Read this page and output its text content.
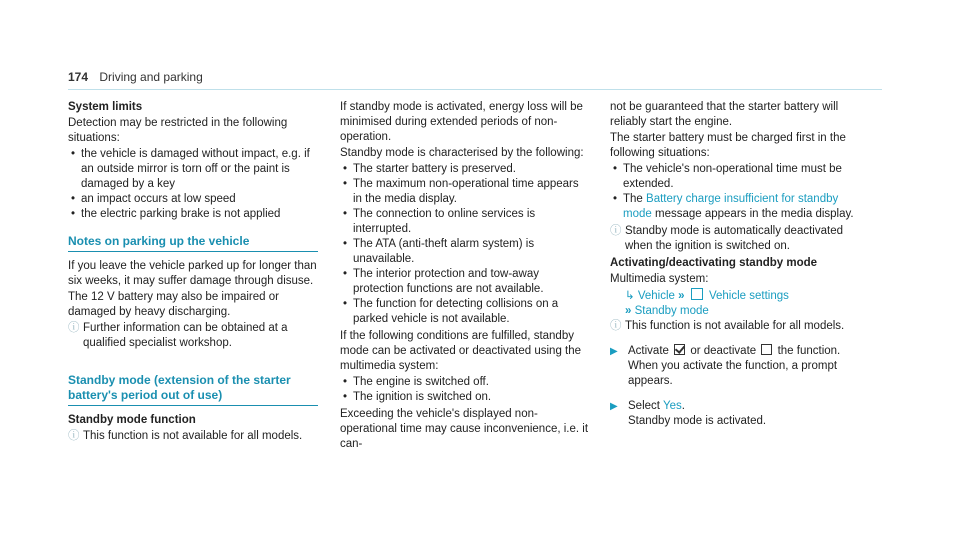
174 Driving and parking

System limits

Detection may be restricted in the following situations:

• the vehicle is damaged without impact, e.g. if an outside mirror is torn off or the paint is damaged by a key
• an impact occurs at low speed
• the electric parking brake is not applied
Notes on parking up the vehicle

If you leave the vehicle parked up for longer than six weeks, it may suffer damage through disuse.

The 12 V battery may also be impaired or damaged by heavy discharging.

ⓘ Further information can be obtained at a qualified specialist workshop.
Standby mode (extension of the starter battery's period out of use)

Standby mode function

ⓘ This function is not available for all models.

If standby mode is activated, energy loss will be minimised during extended periods of non-operation.

Standby mode is characterised by the following:

• The starter battery is preserved.
• The maximum non-operational time appears in the media display.
• The connection to online services is interrupted.
• The ATA (anti-theft alarm system) is unavailable.
• The interior protection and tow-away protection functions are not available.
• The function for detecting collisions on a parked vehicle is not available.

If the following conditions are fulfilled, standby mode can be activated or deactivated using the multimedia system:

• The engine is switched off.
• The ignition is switched on.

Exceeding the vehicle's displayed non-operational time may cause inconvenience, i.e. it can-

not be guaranteed that the starter battery will reliably start the engine.

The starter battery must be charged first in the following situations:

• The vehicle's non-operational time must be extended.
• The Battery charge insufficient for standby mode message appears in the media display.
ⓘ Standby mode is automatically deactivated when the ignition is switched on.

Activating/deactivating standby mode

Multimedia system:

↳ Vehicle » Vehicle settings
» Standby mode
ⓘ This function is not available for all models.
▶ Activate or deactivate the function.
When you activate the function, a prompt appears.
▶ Select Yes.
Standby mode is activated.
